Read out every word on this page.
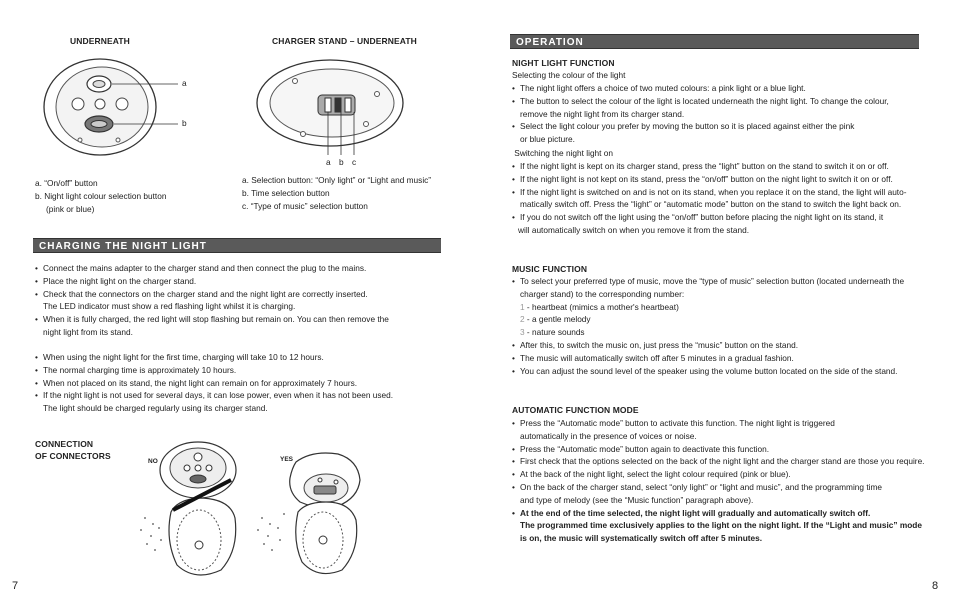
UNDERNEATH	CHARGER STAND – UNDERNEATH
a
b
a b c
a. “On/off” button
b. Night light colour selection button
(pink or blue)
a. Selection button: “Only light” or “Light and music”
b. Time selection button
c. “Type of music” selection button
CHARGING THE NIGHT LIGHT
• Connect the mains adapter to the charger stand and then connect the plug to the mains.
• Place the night light on the charger stand.
• Check that the connectors on the charger stand and the night light are correctly inserted.
The LED indicator must show a red flashing light whilst it is charging.
• When it is fully charged, the red light will stop flashing but remain on. You can then remove the
night light from its stand.
• When using the night light for the first time, charging will take 10 to 12 hours.
• The normal charging time is approximately 10 hours.
• When not placed on its stand, the night light can remain on for approximately 7 hours.
• If the night light is not used for several days, it can lose power, even when it has not been used.
The light should be charged regularly using its charger stand.
CONNECTION
OF CONNECTORS
NO	YES
7
OPERATION
NIGHT LIGHT FUNCTION
Selecting the colour of the light
• The night light offers a choice of two muted colours: a pink light or a blue light.
• The button to select the colour of the light is located underneath the night light. To change the colour,
remove the night light from its charger stand.
• Select the light colour you prefer by moving the button so it is placed against either the pink
or blue picture.
Switching the night light on
• If the night light is kept on its charger stand, press the “light” button on the stand to switch it on or off.
• If the night light is not kept on its stand, press the “on/off” button on the night light to switch it on or off.
• If the night light is switched on and is not on its stand, when you replace it on the stand, the light will auto-
matically switch off. Press the “light” or “automatic mode” button on the stand to switch the light back on.
• If you do not switch off the light using the “on/off” button before placing the night light on its stand, it
will automatically switch on when you remove it from the stand.
MUSIC FUNCTION
• To select your preferred type of music, move the “type of music” selection button (located underneath the
charger stand) to the corresponding number:
1 - heartbeat (mimics a mother's heartbeat)
2 - a gentle melody
3 - nature sounds
• After this, to switch the music on, just press the “music” button on the stand.
• The music will automatically switch off after 5 minutes in a gradual fashion.
• You can adjust the sound level of the speaker using the volume button located on the side of the stand.
AUTOMATIC FUNCTION MODE
• Press the “Automatic mode” button to activate this function. The night light is triggered
automatically in the presence of voices or noise.
• Press the “Automatic mode” button again to deactivate this function.
• First check that the options selected on the back of the night light and the charger stand are those you require.
• At the back of the night light, select the light colour required (pink or blue).
• On the back of the charger stand, select “only light” or “light and music”, and the programming time
and type of melody (see the “Music function” paragraph above).
• At the end of the time selected, the night light will gradually and automatically switch off.
The programmed time exclusively applies to the light on the night light. If the “Light and music” mode
is on, the music will systematically switch off after 5 minutes.
8
